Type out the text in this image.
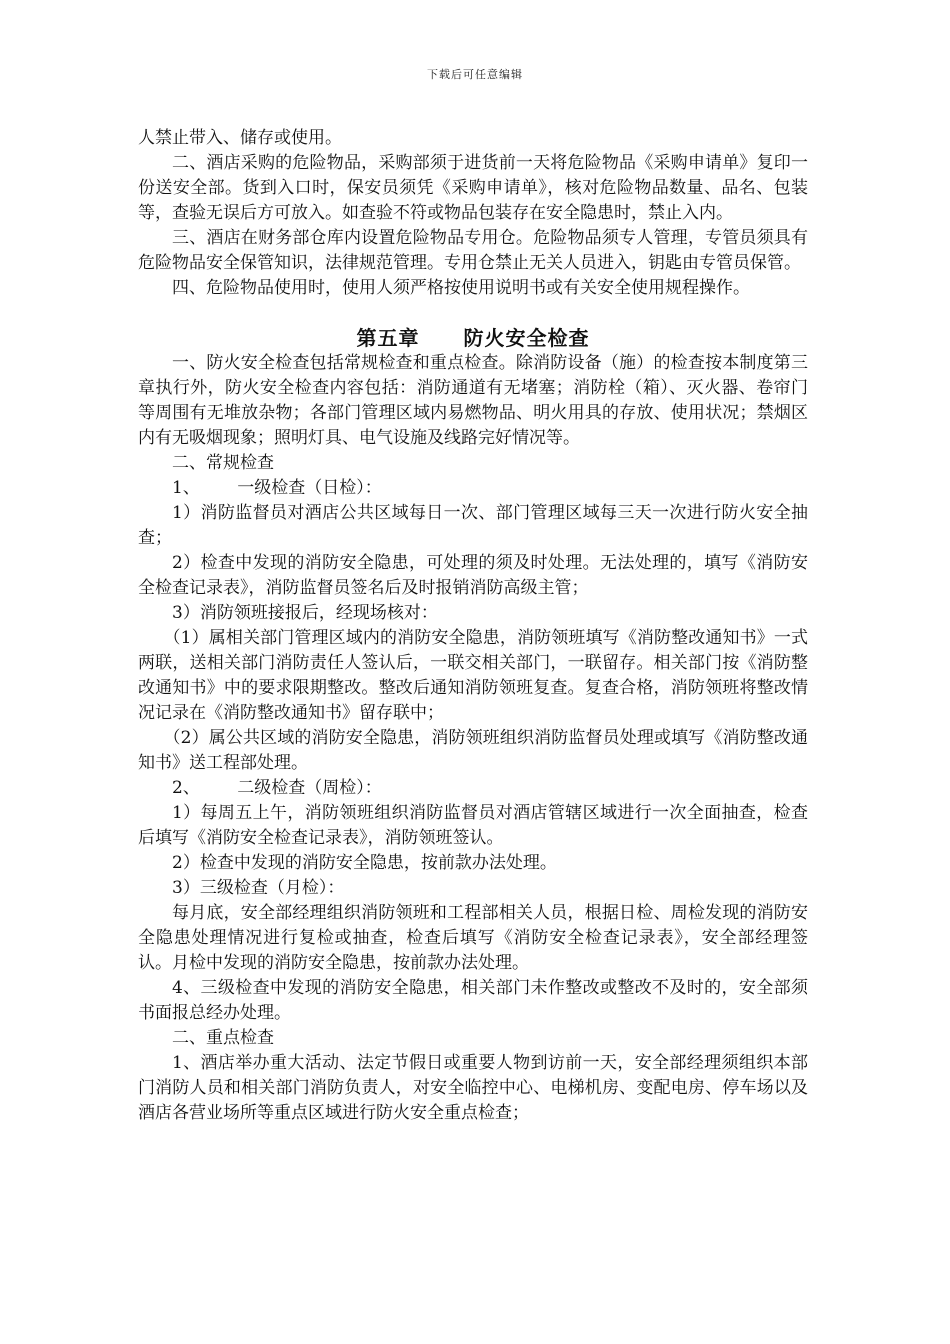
下载后可任意编辑

人禁止带入、储存或使用。

二、酒店采购的危险物品，采购部须于进货前一天将危险物品《采购申请单》复印一份送安全部。货到入口时，保安员须凭《采购申请单》，核对危险物品数量、品名、包装等，查验无误后方可放入。如查验不符或物品包装存在安全隐患时，禁止入内。

三、酒店在财务部仓库内设置危险物品专用仓。危险物品须专人管理，专管员须具有危险物品安全保管知识，法律规范管理。专用仓禁止无关人员进入，钥匙由专管员保管。

四、危险物品使用时，使用人须严格按使用说明书或有关安全使用规程操作。

第五章 防火安全检查

一、防火安全检查包括常规检查和重点检查。除消防设备（施）的检查按本制度第三章执行外，防火安全检查内容包括：消防通道有无堵塞；消防栓（箱）、灭火器、卷帘门等周围有无堆放杂物；各部门管理区域内易燃物品、明火用具的存放、使用状况；禁烟区内有无吸烟现象；照明灯具、电气设施及线路完好情况等。

二、常规检查

1、 一级检查（日检）：

1）消防监督员对酒店公共区域每日一次、部门管理区域每三天一次进行防火安全抽查；

2）检查中发现的消防安全隐患，可处理的须及时处理。无法处理的，填写《消防安全检查记录表》，消防监督员签名后及时报销消防高级主管；

3）消防领班接报后，经现场核对：

（1）属相关部门管理区域内的消防安全隐患，消防领班填写《消防整改通知书》一式两联，送相关部门消防责任人签认后，一联交相关部门，一联留存。相关部门按《消防整改通知书》中的要求限期整改。整改后通知消防领班复查。复查合格，消防领班将整改情况记录在《消防整改通知书》留存联中；

（2）属公共区域的消防安全隐患，消防领班组织消防监督员处理或填写《消防整改通知书》送工程部处理。

2、 二级检查（周检）：

1）每周五上午，消防领班组织消防监督员对酒店管辖区域进行一次全面抽查，检查后填写《消防安全检查记录表》，消防领班签认。

2）检查中发现的消防安全隐患，按前款办法处理。

3）三级检查（月检）：

每月底，安全部经理组织消防领班和工程部相关人员，根据日检、周检发现的消防安全隐患处理情况进行复检或抽查，检查后填写《消防安全检查记录表》，安全部经理签认。月检中发现的消防安全隐患，按前款办法处理。

4、三级检查中发现的消防安全隐患，相关部门未作整改或整改不及时的，安全部须书面报总经办处理。

二、重点检查

1、酒店举办重大活动、法定节假日或重要人物到访前一天，安全部经理须组织本部门消防人员和相关部门消防负责人，对安全临控中心、电梯机房、变配电房、停车场以及酒店各营业场所等重点区域进行防火安全重点检查；
